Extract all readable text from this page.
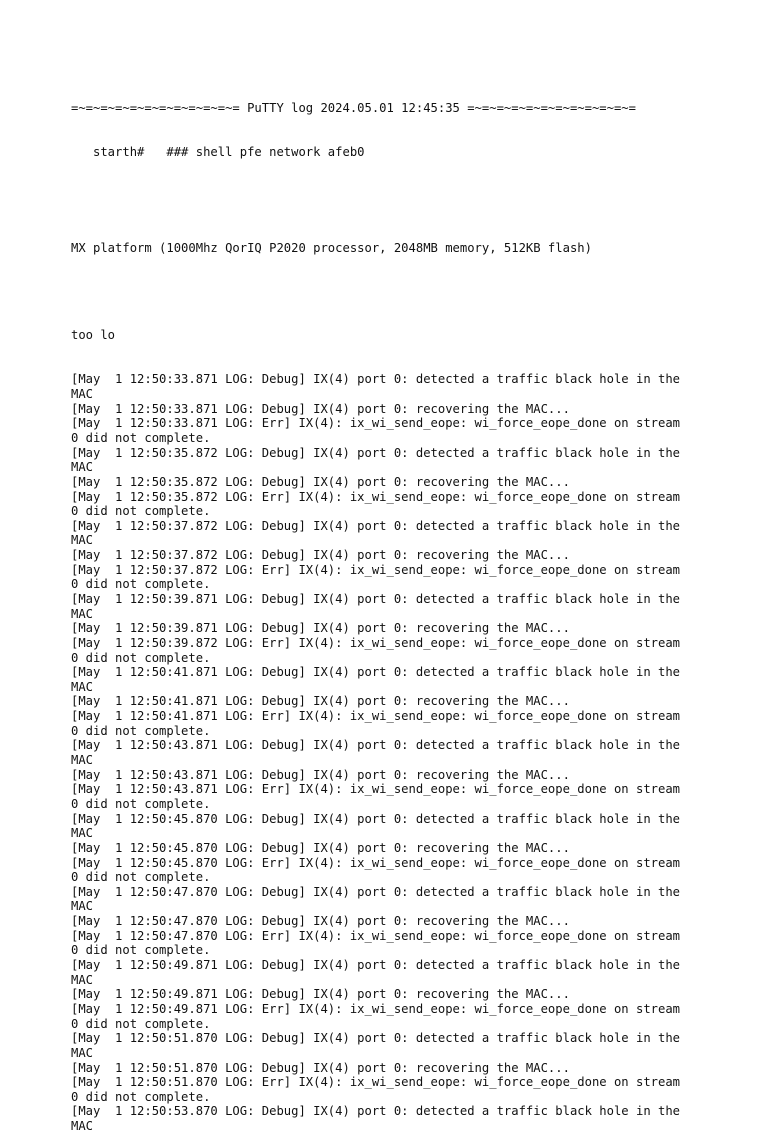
=~=~=~=~=~=~=~=~=~=~=~= PuTTY log 2024.05.01 12:45:35 =~=~=~=~=~=~=~=~=~=~=~=

starth#   ### shell pfe network afeb0

MX platform (1000Mhz QorIQ P2020 processor, 2048MB memory, 512KB flash)

too lo

[May  1 12:50:33.871 LOG: Debug] IX(4) port 0: detected a traffic black hole in the
MAC
[May  1 12:50:33.871 LOG: Debug] IX(4) port 0: recovering the MAC...
[May  1 12:50:33.871 LOG: Err] IX(4): ix_wi_send_eope: wi_force_eope_done on stream
0 did not complete.
[May  1 12:50:35.872 LOG: Debug] IX(4) port 0: detected a traffic black hole in the
MAC
[May  1 12:50:35.872 LOG: Debug] IX(4) port 0: recovering the MAC...
[May  1 12:50:35.872 LOG: Err] IX(4): ix_wi_send_eope: wi_force_eope_done on stream
0 did not complete.
[May  1 12:50:37.872 LOG: Debug] IX(4) port 0: detected a traffic black hole in the
MAC
[May  1 12:50:37.872 LOG: Debug] IX(4) port 0: recovering the MAC...
[May  1 12:50:37.872 LOG: Err] IX(4): ix_wi_send_eope: wi_force_eope_done on stream
0 did not complete.
[May  1 12:50:39.871 LOG: Debug] IX(4) port 0: detected a traffic black hole in the
MAC
[May  1 12:50:39.871 LOG: Debug] IX(4) port 0: recovering the MAC...
[May  1 12:50:39.872 LOG: Err] IX(4): ix_wi_send_eope: wi_force_eope_done on stream
0 did not complete.
[May  1 12:50:41.871 LOG: Debug] IX(4) port 0: detected a traffic black hole in the
MAC
[May  1 12:50:41.871 LOG: Debug] IX(4) port 0: recovering the MAC...
[May  1 12:50:41.871 LOG: Err] IX(4): ix_wi_send_eope: wi_force_eope_done on stream
0 did not complete.
[May  1 12:50:43.871 LOG: Debug] IX(4) port 0: detected a traffic black hole in the
MAC
[May  1 12:50:43.871 LOG: Debug] IX(4) port 0: recovering the MAC...
[May  1 12:50:43.871 LOG: Err] IX(4): ix_wi_send_eope: wi_force_eope_done on stream
0 did not complete.
[May  1 12:50:45.870 LOG: Debug] IX(4) port 0: detected a traffic black hole in the
MAC
[May  1 12:50:45.870 LOG: Debug] IX(4) port 0: recovering the MAC...
[May  1 12:50:45.870 LOG: Err] IX(4): ix_wi_send_eope: wi_force_eope_done on stream
0 did not complete.
[May  1 12:50:47.870 LOG: Debug] IX(4) port 0: detected a traffic black hole in the
MAC
[May  1 12:50:47.870 LOG: Debug] IX(4) port 0: recovering the MAC...
[May  1 12:50:47.870 LOG: Err] IX(4): ix_wi_send_eope: wi_force_eope_done on stream
0 did not complete.
[May  1 12:50:49.871 LOG: Debug] IX(4) port 0: detected a traffic black hole in the
MAC
[May  1 12:50:49.871 LOG: Debug] IX(4) port 0: recovering the MAC...
[May  1 12:50:49.871 LOG: Err] IX(4): ix_wi_send_eope: wi_force_eope_done on stream
0 did not complete.
[May  1 12:50:51.870 LOG: Debug] IX(4) port 0: detected a traffic black hole in the
MAC
[May  1 12:50:51.870 LOG: Debug] IX(4) port 0: recovering the MAC...
[May  1 12:50:51.870 LOG: Err] IX(4): ix_wi_send_eope: wi_force_eope_done on stream
0 did not complete.
[May  1 12:50:53.870 LOG: Debug] IX(4) port 0: detected a traffic black hole in the
MAC
